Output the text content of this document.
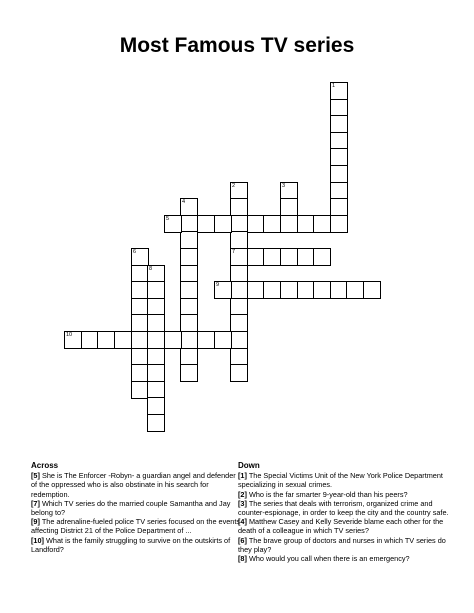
Most Famous TV series
1
2
7
3
4
5
6
8
9
10
Across
[5] She is The Enforcer -Robyn- a guardian angel and defender of the oppressed who is also obstinate in his search for redemption.
[7] Which TV series do the married couple Samantha and Jay belong to?
[9] The adrenaline-fueled police TV series focused on the events affecting District 21 of the Police Department of ...
[10] What is the family struggling to survive on the outskirts of Landford?
Down
[1] The Special Victims Unit of the New York Police Department specializing in sexual crimes.
[2] Who is the far smarter 9-year-old than his peers?
[3] The series that deals with terrorism, organized crime and counter-espionage, in order to keep the city and the country safe.
[4] Matthew Casey and Kelly Severide blame each other for the death of a colleague in which TV series?
[6] The brave group of doctors and nurses in which TV series do they play?
[8] Who would you call when there is an emergency?
